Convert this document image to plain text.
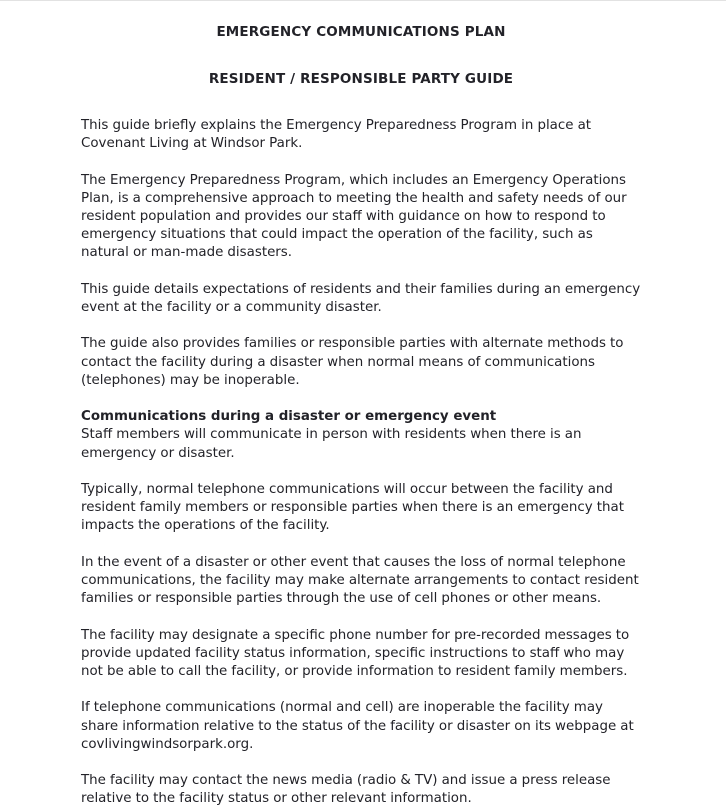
EMERGENCY COMMUNICATIONS PLAN
RESIDENT / RESPONSIBLE PARTY GUIDE

This guide briefly explains the Emergency Preparedness Program in place at Covenant Living at Windsor Park.

The Emergency Preparedness Program, which includes an Emergency Operations Plan, is a comprehensive approach to meeting the health and safety needs of our resident population and provides our staff with guidance on how to respond to emergency situations that could impact the operation of the facility, such as natural or man-made disasters.

This guide details expectations of residents and their families during an emergency event at the facility or a community disaster.

The guide also provides families or responsible parties with alternate methods to contact the facility during a disaster when normal means of communications (telephones) may be inoperable.

Communications during a disaster or emergency event

Staff members will communicate in person with residents when there is an emergency or disaster.

Typically, normal telephone communications will occur between the facility and resident family members or responsible parties when there is an emergency that impacts the operations of the facility.

In the event of a disaster or other event that causes the loss of normal telephone communications, the facility may make alternate arrangements to contact resident families or responsible parties through the use of cell phones or other means.

The facility may designate a specific phone number for pre-recorded messages to provide updated facility status information, specific instructions to staff who may not be able to call the facility, or provide information to resident family members.

If telephone communications (normal and cell) are inoperable the facility may share information relative to the status of the facility or disaster on its webpage at covlivingwindsorpark.org.

The facility may contact the news media (radio & TV) and issue a press release relative to the facility status or other relevant information.
